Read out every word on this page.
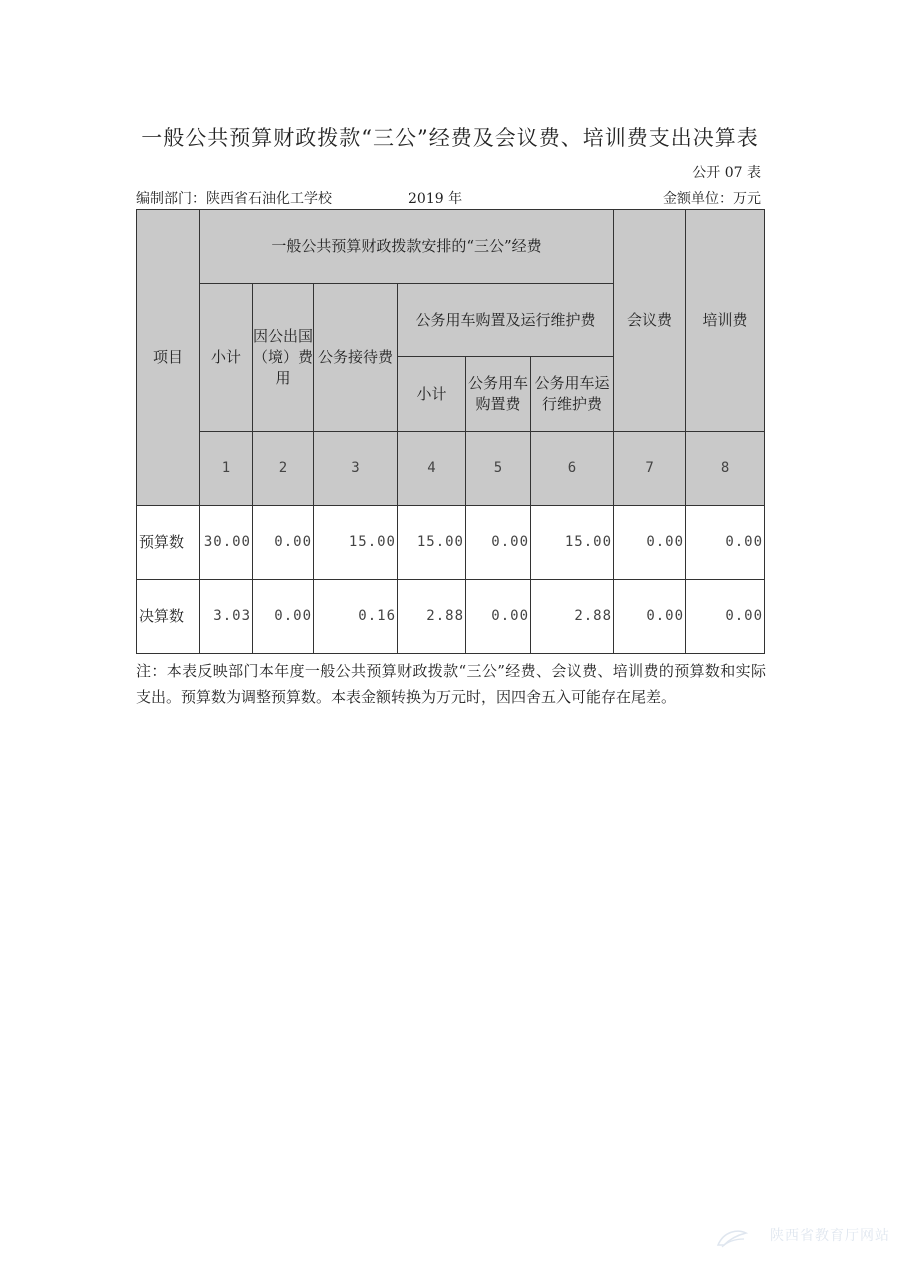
一般公共预算财政拨款“三公”经费及会议费、培训费支出决算表
公开 07 表
编制部门：陕西省石油化工学校	2019 年	金额单位：万元
项目	一般公共预算财政拨款安排的“三公”经费						会议费	培训费
	小计	因公出国（境）费用	公务接待费	公务用车购置及运行维护费				
				小计	公务用车购置费	公务用车运行维护费		
	1	2	3	4	5	6	7	8
预算数	30.00	0.00	15.00	15.00	0.00	15.00	0.00	0.00
决算数	3.03	0.00	0.16	2.88	0.00	2.88	0.00	0.00
注：本表反映部门本年度一般公共预算财政拨款“三公”经费、会议费、培训费的预算数和实际支出。预算数为调整预算数。本表金额转换为万元时，因四舍五入可能存在尾差。
陕西省教育厅网站
